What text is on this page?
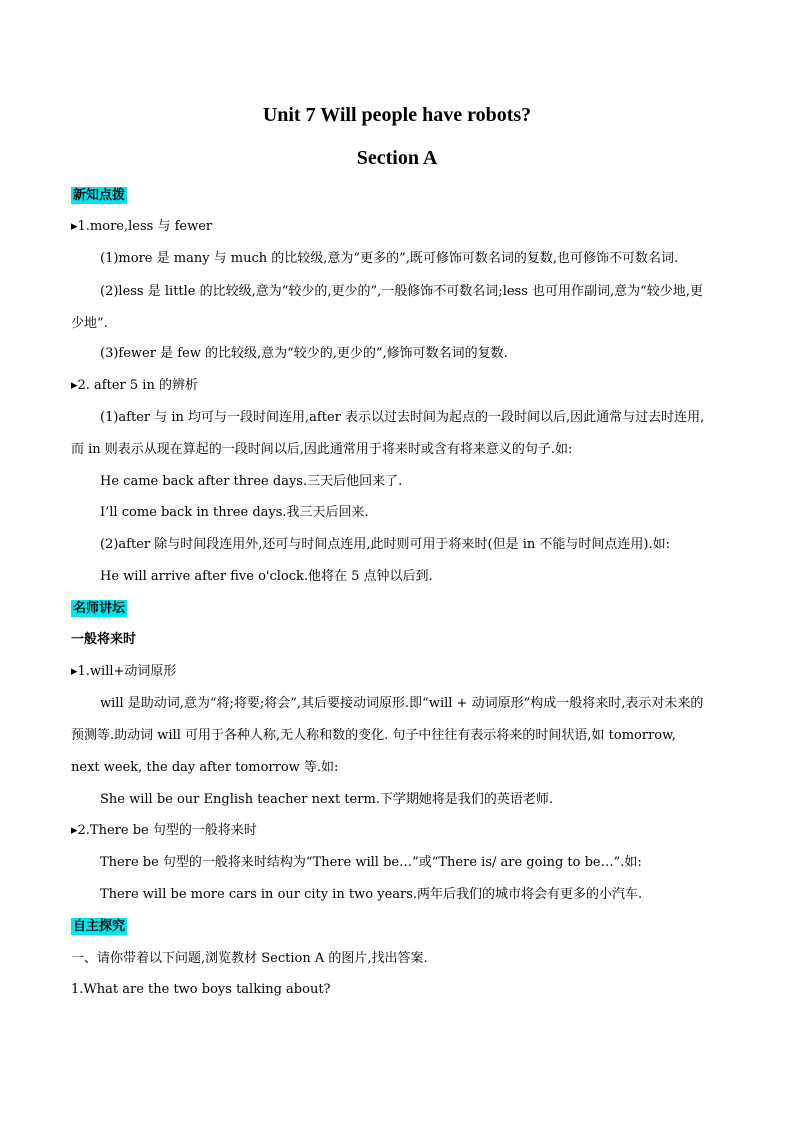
Unit 7 Will people have robots?
Section A
新知点拨
▸1.more,less 与 fewer
(1)more 是 many 与 much 的比较级,意为“更多的”,既可修饰可数名词的复数,也可修饰不可数名词.
(2)less 是 little 的比较级,意为“较少的,更少的”,一般修饰不可数名词;less 也可用作副词,意为“较少地,更
少地”.
(3)fewer 是 few 的比较级,意为“较少的,更少的”,修饰可数名词的复数.
▸2. after 5 in 的辨析
(1)after 与 in 均可与一段时间连用,after 表示以过去时间为起点的一段时间以后,因此通常与过去时连用,
而 in 则表示从现在算起的一段时间以后,因此通常用于将来时或含有将来意义的句子.如:
He came back after three days.三天后他回来了.
I’ll come back in three days.我三天后回来.
(2)after 除与时间段连用外,还可与时间点连用,此时则可用于将来时(但是 in 不能与时间点连用).如:
He will arrive after five o'clock.他将在 5 点钟以后到.
名师讲坛
一般将来时
▸1.will+动词原形
will 是助动词,意为“将;将要;将会”,其后要接动词原形.即“will + 动词原形”构成一般将来时,表示对未来的
预测等.助动词 will 可用于各种人称,无人称和数的变化. 句子中往往有表示将来的时间状语,如 tomorrow,
next week, the day after tomorrow 等.如:
She will be our English teacher next term.下学期她将是我们的英语老师.
▸2.There be 句型的一般将来时
There be 句型的一般将来时结构为“There will be…”或“There is/ are going to be…”.如:
There will be more cars in our city in two years.两年后我们的城市将会有更多的小汽车.
自主探究
一、请你带着以下问题,浏览教材 Section A 的图片,找出答案.
1.What are the two boys talking about?
